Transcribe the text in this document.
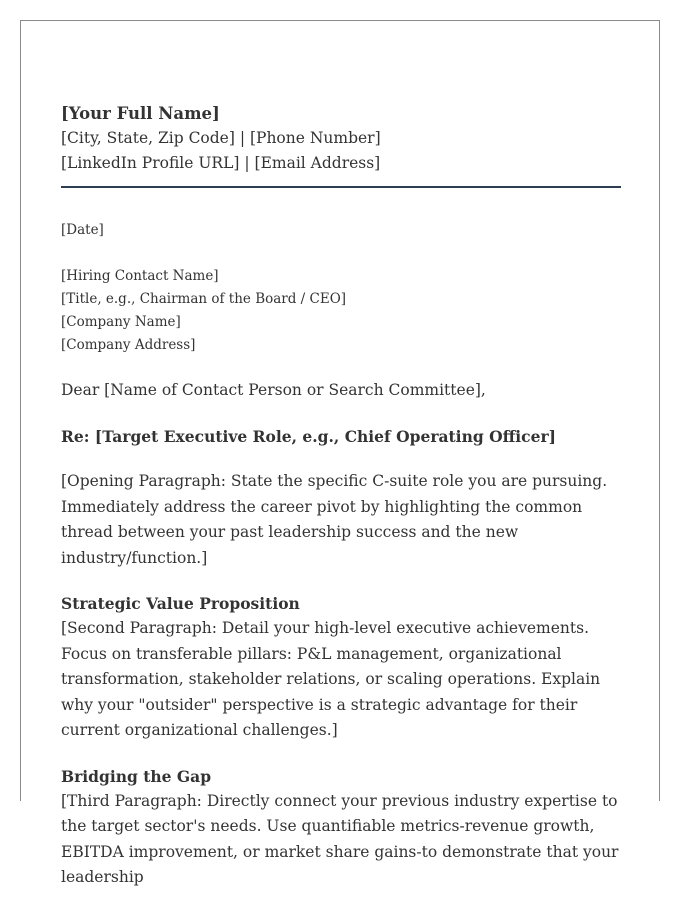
[Your Full Name]
[City, State, Zip Code] | [Phone Number]
[LinkedIn Profile URL] | [Email Address]
[Date]
[Hiring Contact Name]
[Title, e.g., Chairman of the Board / CEO]
[Company Name]
[Company Address]
Dear [Name of Contact Person or Search Committee],
Re: [Target Executive Role, e.g., Chief Operating Officer]
[Opening Paragraph: State the specific C-suite role you are pursuing. Immediately address the career pivot by highlighting the common thread between your past leadership success and the new industry/function.]
Strategic Value Proposition
[Second Paragraph: Detail your high-level executive achievements. Focus on transferable pillars: P&L management, organizational transformation, stakeholder relations, or scaling operations. Explain why your "outsider" perspective is a strategic advantage for their current organizational challenges.]
Bridging the Gap
[Third Paragraph: Directly connect your previous industry expertise to the target sector's needs. Use quantifiable metrics-revenue growth, EBITDA improvement, or market share gains-to demonstrate that your leadership
